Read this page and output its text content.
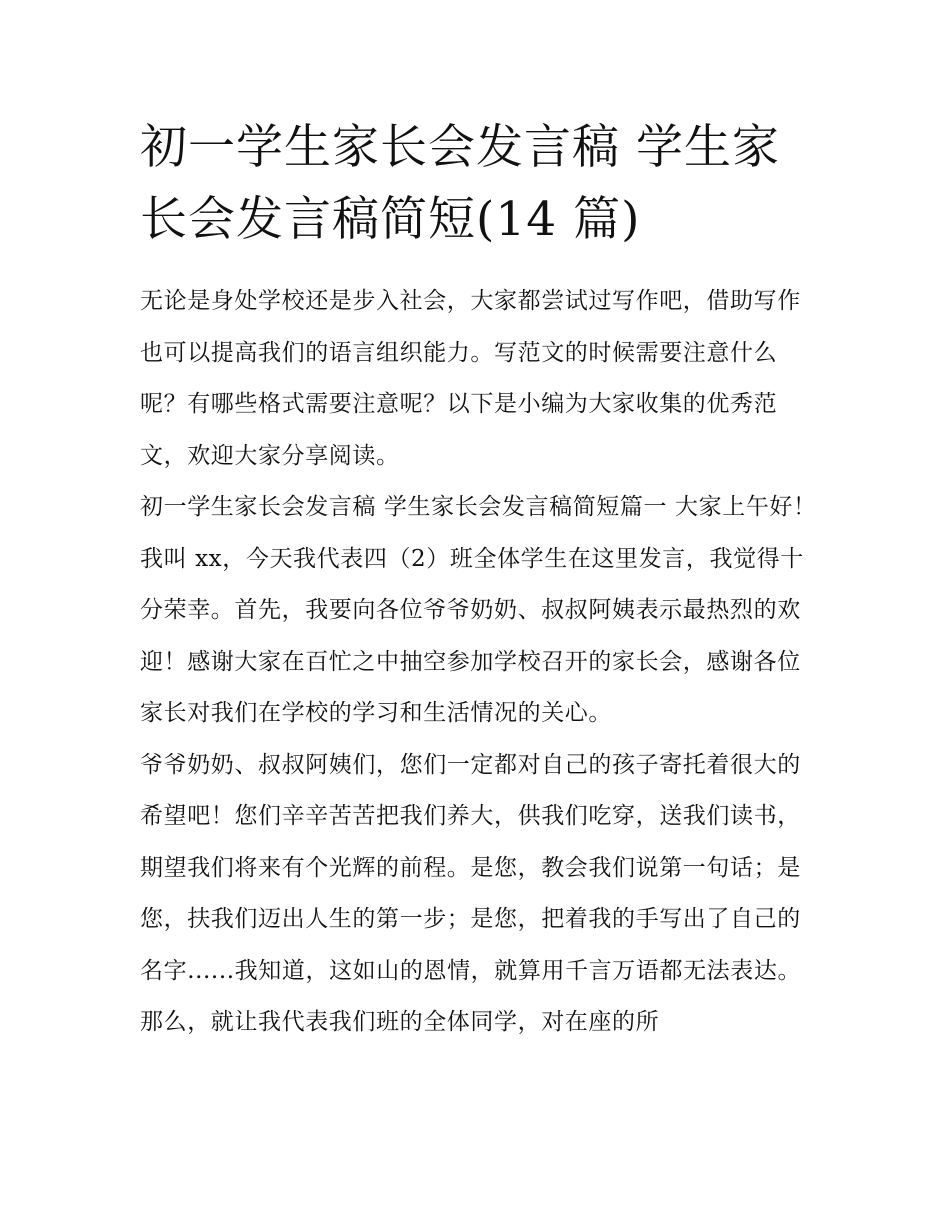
初一学生家长会发言稿 学生家长会发言稿简短(14 篇)

无论是身处学校还是步入社会，大家都尝试过写作吧，借助写作也可以提高我们的语言组织能力。写范文的时候需要注意什么呢？有哪些格式需要注意呢？以下是小编为大家收集的优秀范文，欢迎大家分享阅读。

初一学生家长会发言稿 学生家长会发言稿简短篇一 大家上午好！

我叫 xx，今天我代表四（2）班全体学生在这里发言，我觉得十分荣幸。首先，我要向各位爷爷奶奶、叔叔阿姨表示最热烈的欢迎！感谢大家在百忙之中抽空参加学校召开的家长会，感谢各位家长对我们在学校的学习和生活情况的关心。

爷爷奶奶、叔叔阿姨们，您们一定都对自己的孩子寄托着很大的希望吧！您们辛辛苦苦把我们养大，供我们吃穿，送我们读书，期望我们将来有个光辉的前程。是您，教会我们说第一句话；是您，扶我们迈出人生的第一步；是您，把着我的手写出了自己的名字......我知道，这如山的恩情，就算用千言万语都无法表达。那么，就让我代表我们班的全体同学，对在座的所
